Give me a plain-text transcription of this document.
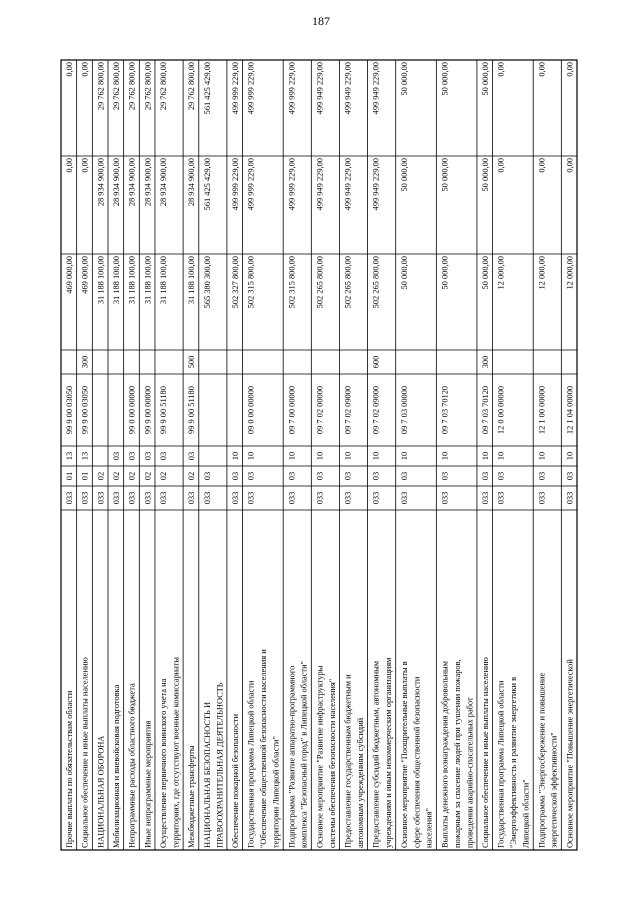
187
Прочие выплаты по обязательствам области
033
01
13
99 9 00 03050
469 000,00
0,00
0,00
Социальное обеспечение и иные выплаты населению
033
01
13
99 9 00 03050
300
469 000,00
0,00
0,00
НАЦИОНАЛЬНАЯ ОБОРОНА
033
02
31 188 100,00
28 934 900,00
29 762 800,00
Мобилизационная и вневойсковая подготовка
033
02
03
31 188 100,00
28 934 900,00
29 762 800,00
Непрограммные расходы областного бюджета
033
02
03
99 0 00 00000
31 188 100,00
28 934 900,00
29 762 800,00
Иные непрограммные мероприятия
033
02
03
99 9 00 00000
31 188 100,00
28 934 900,00
29 762 800,00
Осуществление первичного воинского учета на территориях, где отсутствуют военные комиссариаты
033
02
03
99 9 00 51180
31 188 100,00
28 934 900,00
29 762 800,00
Межбюджетные трансферты
033
02
03
99 9 00 51180
500
31 188 100,00
28 934 900,00
29 762 800,00
НАЦИОНАЛЬНАЯ БЕЗОПАСНОСТЬ И ПРАВООХРАНИТЕЛЬНАЯ ДЕЯТЕЛЬНОСТЬ
033
03
565 380 300,00
561 425 429,00
561 425 429,00
Обеспечение пожарной безопасности
033
03
10
502 327 800,00
499 999 229,00
499 999 229,00
Государственная программа Липецкой области "Обеспечение общественной безопасности населения и территории Липецкой области"
033
03
10
09 0 00 00000
502 315 800,00
499 999 229,00
499 999 229,00
Подпрограмма "Развитие аппаратно-программного комплекса "Безопасный город" в Липецкой области"
033
03
10
09 7 00 00000
502 315 800,00
499 999 229,00
499 999 229,00
Основное мероприятие "Развитие инфраструктуры системы обеспечения безопасности населения"
033
03
10
09 7 02 00000
502 265 800,00
499 949 229,00
499 949 229,00
Предоставление государственным бюджетным и автономным учреждениям субсидий
033
03
10
09 7 02 09000
502 265 800,00
499 949 229,00
499 949 229,00
Предоставление субсидий бюджетным, автономным учреждениям и иным некоммерческим организациям
033
03
10
09 7 02 09000
600
502 265 800,00
499 949 229,00
499 949 229,00
Основное мероприятие "Поощрительные выплаты в сфере обеспечения общественной безопасности населения"
033
03
10
09 7 03 00000
50 000,00
50 000,00
50 000,00
Выплаты денежного вознаграждения добровольным пожарным за спасение людей при тушении пожаров, проведении аварийно-спасательных работ
033
03
10
09 7 03 70120
50 000,00
50 000,00
50 000,00
Социальное обеспечение и иные выплаты населению
033
03
10
09 7 03 70120
300
50 000,00
50 000,00
50 000,00
Государственная программа Липецкой области "Энергоэффективность и развитие энергетики в Липецкой области"
033
03
10
12 0 00 00000
12 000,00
0,00
0,00
Подпрограмма "Энергосбережение и повышение энергетической эффективности"
033
03
10
12 1 00 00000
12 000,00
0,00
0,00
Основное мероприятие "Повышение энергетической
033
03
10
12 1 04 00000
12 000,00
0,00
0,00
